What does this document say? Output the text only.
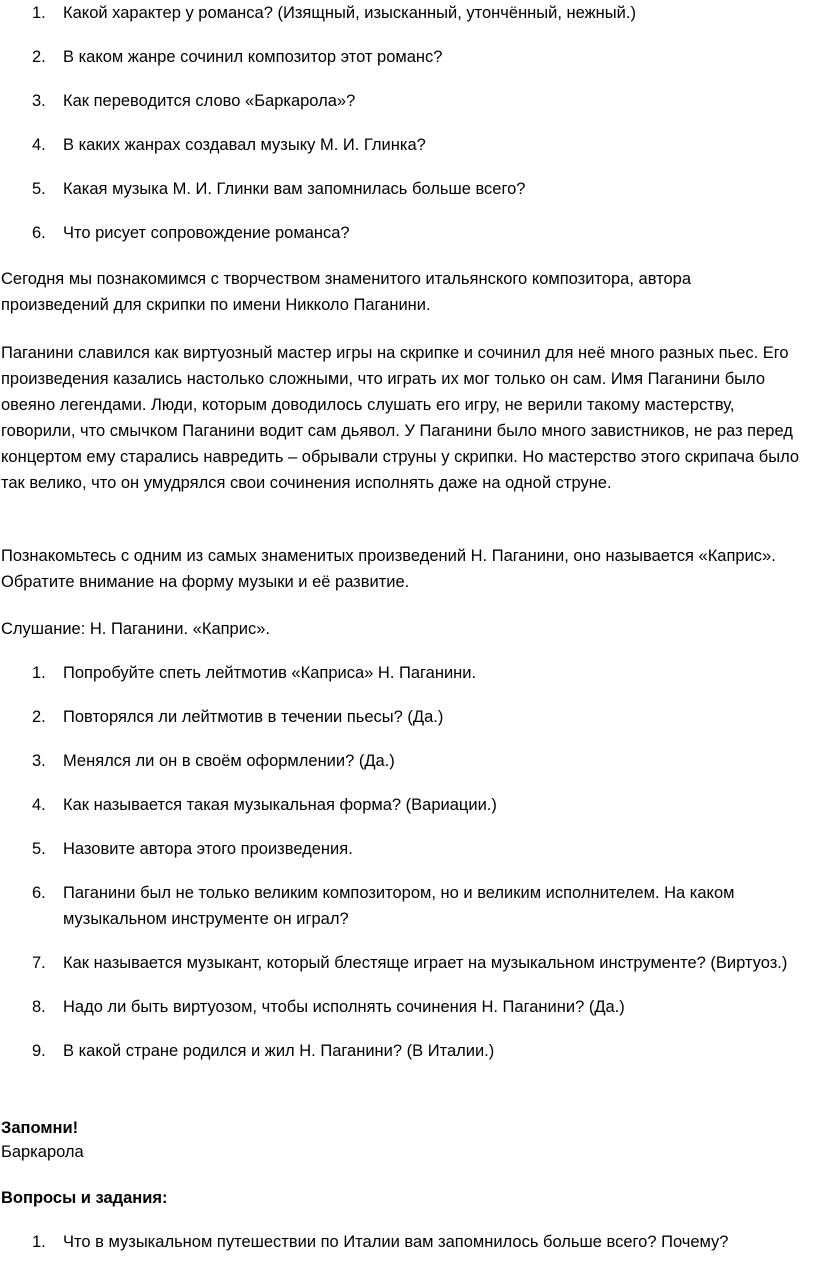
1. Какой характер у романса? (Изящный, изысканный, утончённый, нежный.)
2. В каком жанре сочинил композитор этот романс?
3. Как переводится слово «Баркарола»?
4. В каких жанрах создавал музыку М. И. Глинка?
5. Какая музыка М. И. Глинки вам запомнилась больше всего?
6. Что рисует сопровождение романса?

Сегодня мы познакомимся с творчеством знаменитого итальянского композитора, автора произведений для скрипки по имени Никколо Паганини.

Паганини славился как виртуозный мастер игры на скрипке и сочинил для неё много разных пьес. Его произведения казались настолько сложными, что играть их мог только он сам. Имя Паганини было овеяно легендами. Люди, которым доводилось слушать его игру, не верили такому мастерству, говорили, что смычком Паганини водит сам дьявол. У Паганини было много завистников, не раз перед концертом ему старались навредить – обрывали струны у скрипки. Но мастерство этого скрипача было так велико, что он умудрялся свои сочинения исполнять даже на одной струне.

Познакомьтесь с одним из самых знаменитых произведений Н. Паганини, оно называется «Каприс». Обратите внимание на форму музыки и её развитие.

Слушание: Н. Паганини. «Каприс».

1. Попробуйте спеть лейтмотив «Каприса» Н. Паганини.
2. Повторялся ли лейтмотив в течении пьесы? (Да.)
3. Менялся ли он в своём оформлении? (Да.)
4. Как называется такая музыкальная форма? (Вариации.)
5. Назовите автора этого произведения.
6. Паганини был не только великим композитором, но и великим исполнителем. На каком музыкальном инструменте он играл?
7. Как называется музыкант, который блестяще играет на музыкальном инструменте? (Виртуоз.)
8. Надо ли быть виртуозом, чтобы исполнять сочинения Н. Паганини? (Да.)
9. В какой стране родился и жил Н. Паганини? (В Италии.)
Запомни!
Баркарола
Вопросы и задания:
1. Что в музыкальном путешествии по Италии вам запомнилось больше всего? Почему?
